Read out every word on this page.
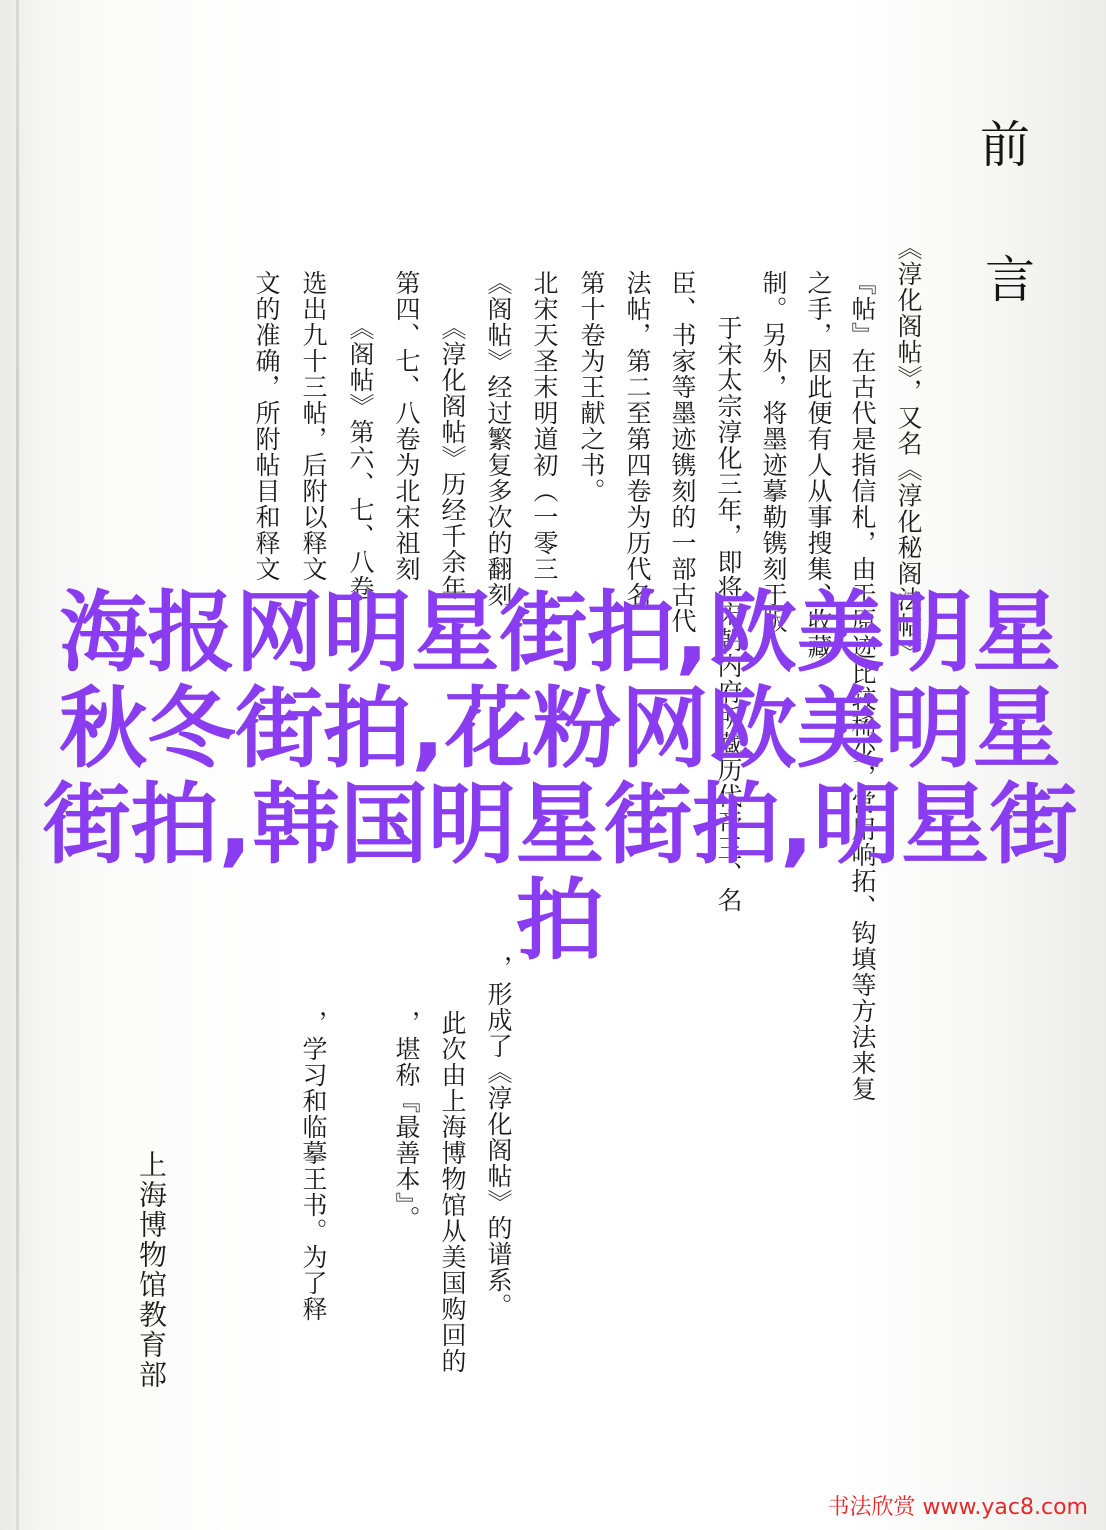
前
言
《淳化阁帖》，又名《淳化秘阁法帖》
『帖』在古代是指信札，由于原迹比较稀少，常用响拓、钩填等方法来复
之手，因此便有人从事搜集、收藏
制。另外，将墨迹摹勒镌刻于版
于宋太宗淳化三年，即将宋朝内府所藏历代帝王、名
臣、书家等墨迹镌刻的一部古代
法帖，第二至第四卷为历代名
第十卷为王献之书。
北宋天圣末明道初（一零三
《阁帖》经过繁复多次的翻刻
《淳化阁帖》历经千余年
第四、七、八卷为北宋祖刻
《阁帖》第六、七、八卷
选出九十三帖，后附以释文
文的准确，所附帖目和释文
，形成了《淳化阁帖》的谱系。
此次由上海博物馆从美国购回的
，堪称『最善本』。
，学习和临摹王书。为了释
上海博物馆教育部
海报网明星街拍,欧美明星秋冬街拍,花粉网欧美明星街拍,韩国明星街拍,明星街拍
书法欣赏 www.yac8.com
